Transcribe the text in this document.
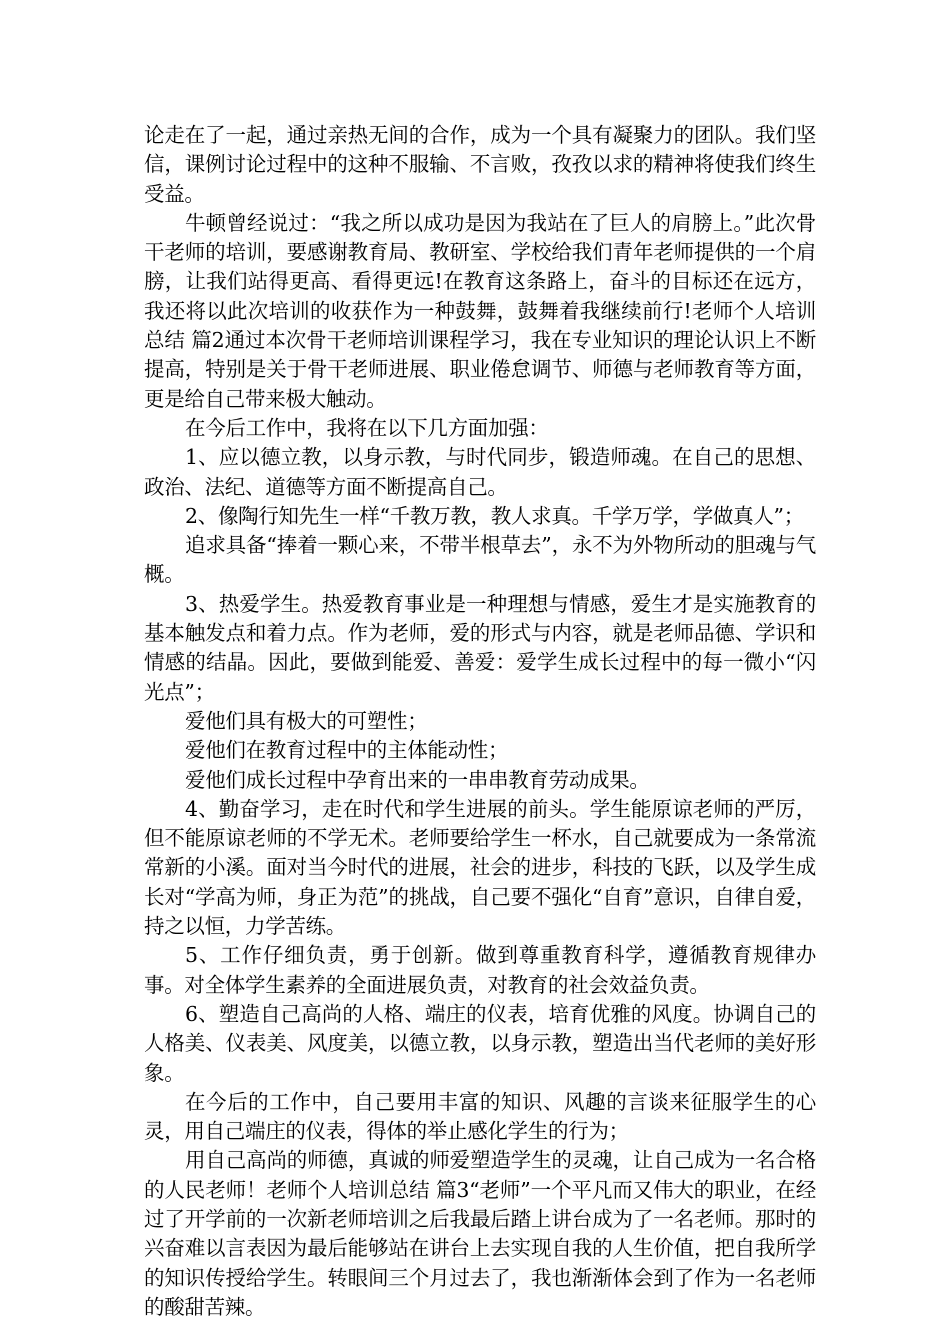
论走在了一起，通过亲热无间的合作，成为一个具有凝聚力的团队。我们坚信，课例讨论过程中的这种不服输、不言败，孜孜以求的精神将使我们终生受益。

牛顿曾经说过：“我之所以成功是因为我站在了巨人的肩膀上。”此次骨干老师的培训，要感谢教育局、教研室、学校给我们青年老师提供的一个肩膀，让我们站得更高、看得更远!在教育这条路上，奋斗的目标还在远方，我还将以此次培训的收获作为一种鼓舞，鼓舞着我继续前行!老师个人培训总结 篇2通过本次骨干老师培训课程学习，我在专业知识的理论认识上不断提高，特别是关于骨干老师进展、职业倦怠调节、师德与老师教育等方面，更是给自己带来极大触动。

在今后工作中，我将在以下几方面加强：

1、应以德立教，以身示教，与时代同步，锻造师魂。在自己的思想、政治、法纪、道德等方面不断提高自己。

2、像陶行知先生一样“千教万教，教人求真。千学万学，学做真人”；

追求具备“捧着一颗心来，不带半根草去”，永不为外物所动的胆魂与气概。

3、热爱学生。热爱教育事业是一种理想与情感，爱生才是实施教育的基本触发点和着力点。作为老师，爱的形式与内容，就是老师品德、学识和情感的结晶。因此，要做到能爱、善爱：爱学生成长过程中的每一微小“闪光点”；

爱他们具有极大的可塑性；

爱他们在教育过程中的主体能动性；

爱他们成长过程中孕育出来的一串串教育劳动成果。

4、勤奋学习，走在时代和学生进展的前头。学生能原谅老师的严厉，但不能原谅老师的不学无术。老师要给学生一杯水，自己就要成为一条常流常新的小溪。面对当今时代的进展，社会的进步，科技的飞跃，以及学生成长对“学高为师，身正为范”的挑战，自己要不强化“自育”意识，自律自爱，持之以恒，力学苦练。

5、工作仔细负责，勇于创新。做到尊重教育科学，遵循教育规律办事。对全体学生素养的全面进展负责，对教育的社会效益负责。

6、塑造自己高尚的人格、端庄的仪表，培育优雅的风度。协调自己的人格美、仪表美、风度美，以德立教，以身示教，塑造出当代老师的美好形象。

在今后的工作中，自己要用丰富的知识、风趣的言谈来征服学生的心灵，用自己端庄的仪表，得体的举止感化学生的行为；

用自己高尚的师德，真诚的师爱塑造学生的灵魂，让自己成为一名合格的人民老师！老师个人培训总结 篇3“老师”一个平凡而又伟大的职业，在经过了开学前的一次新老师培训之后我最后踏上讲台成为了一名老师。那时的兴奋难以言表因为最后能够站在讲台上去实现自我的人生价值，把自我所学的知识传授给学生。转眼间三个月过去了，我也渐渐体会到了作为一名老师的酸甜苦辣。
